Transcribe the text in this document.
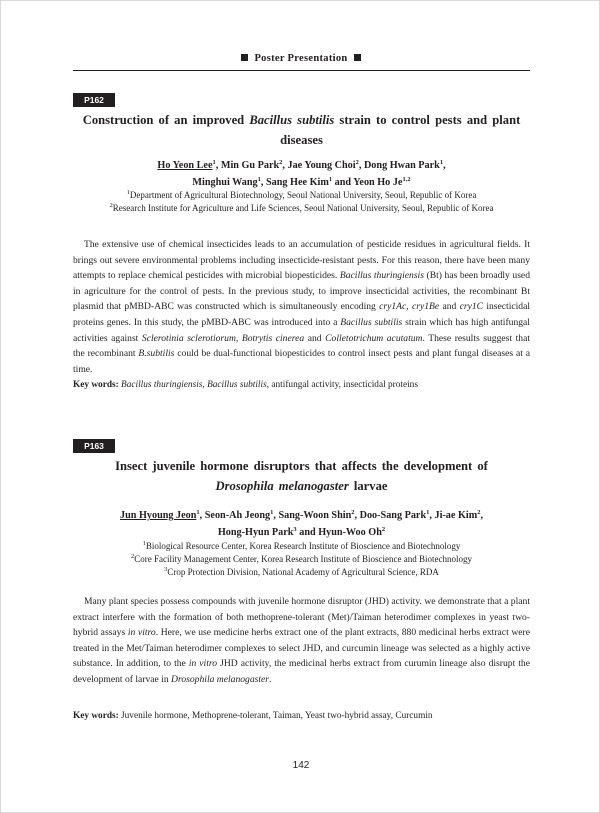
Poster Presentation
P162
Construction of an improved Bacillus subtilis strain to control pests and plant
diseases
Ho Yeon Lee$^1$, Min Gu Park$^2$, Jae Young Choi$^2$, Dong Hwan Park$^1$,
Minghui Wang$^1$, Sang Hee Kim$^1$ and Yeon Ho Je$^{1,2}$
$^1$Department of Agricultural Biotechnology, Seoul National University, Seoul, Republic of Korea
$^2$Research Institute for Agriculture and Life Sciences, Seoul National University, Seoul, Republic of Korea

The extensive use of chemical insecticides leads to an accumulation of pesticide residues in agricultural fields. It brings out severe environmental problems including insecticide-resistant pests. For this reason, there have been many attempts to replace chemical pesticides with microbial biopesticides. Bacillus thuringiensis (Bt) has been broadly used in agriculture for the control of pests. In the previous study, to improve insecticidal activities, the recombinant Bt plasmid that pMBD-ABC was constructed which is simultaneously encoding cry1Ac, cry1Be and cry1C insecticidal proteins genes. In this study, the pMBD-ABC was introduced into a Bacillus subtilis strain which has high antifungal activities against Sclerotinia sclerotiorum, Botrytis cinerea and Colletotrichum acutatum. These results suggest that the recombinant B.subtilis could be dual-functional biopesticides to control insect pests and plant fungal diseases at a time.

Key words: Bacillus thuringiensis, Bacillus subtilis, antifungal activity, insecticidal proteins
P163
Insect juvenile hormone disruptors that affects the development of
Drosophila melanogaster larvae
Jun Hyoung Jeon$^1$, Seon-Ah Jeong$^1$, Sang-Woon Shin$^2$, Doo-Sang Park$^1$, Ji-ae Kim$^2$,
Hong-Hyun Park$^3$ and Hyun-Woo Oh$^2$
$^1$Biological Resource Center, Korea Research Institute of Bioscience and Biotechnology
$^2$Core Facility Management Center, Korea Research Institute of Bioscience and Biotechnology
$^3$Crop Protection Division, National Academy of Agricultural Science, RDA

Many plant species possess compounds with juvenile hormone disruptor (JHD) activity. we demonstrate that a plant extract interfere with the formation of both methoprene-tolerant (Met)/Taiman heterodimer complexes in yeast two-hybrid assays in vitro. Here, we use medicine herbs extract one of the plant extracts, 880 medicinal herbs extract were treated in the Met/Taiman heterodimer complexes to select JHD, and curcumin lineage was selected as a highly active substance. In addition, to the in vitro JHD activity, the medicinal herbs extract from curumin lineage also disrupt the development of larvae in Drosophila melanogaster.

Key words: Juvenile hormone, Methoprene-tolerant, Taiman, Yeast two-hybrid assay, Curcumin
142
